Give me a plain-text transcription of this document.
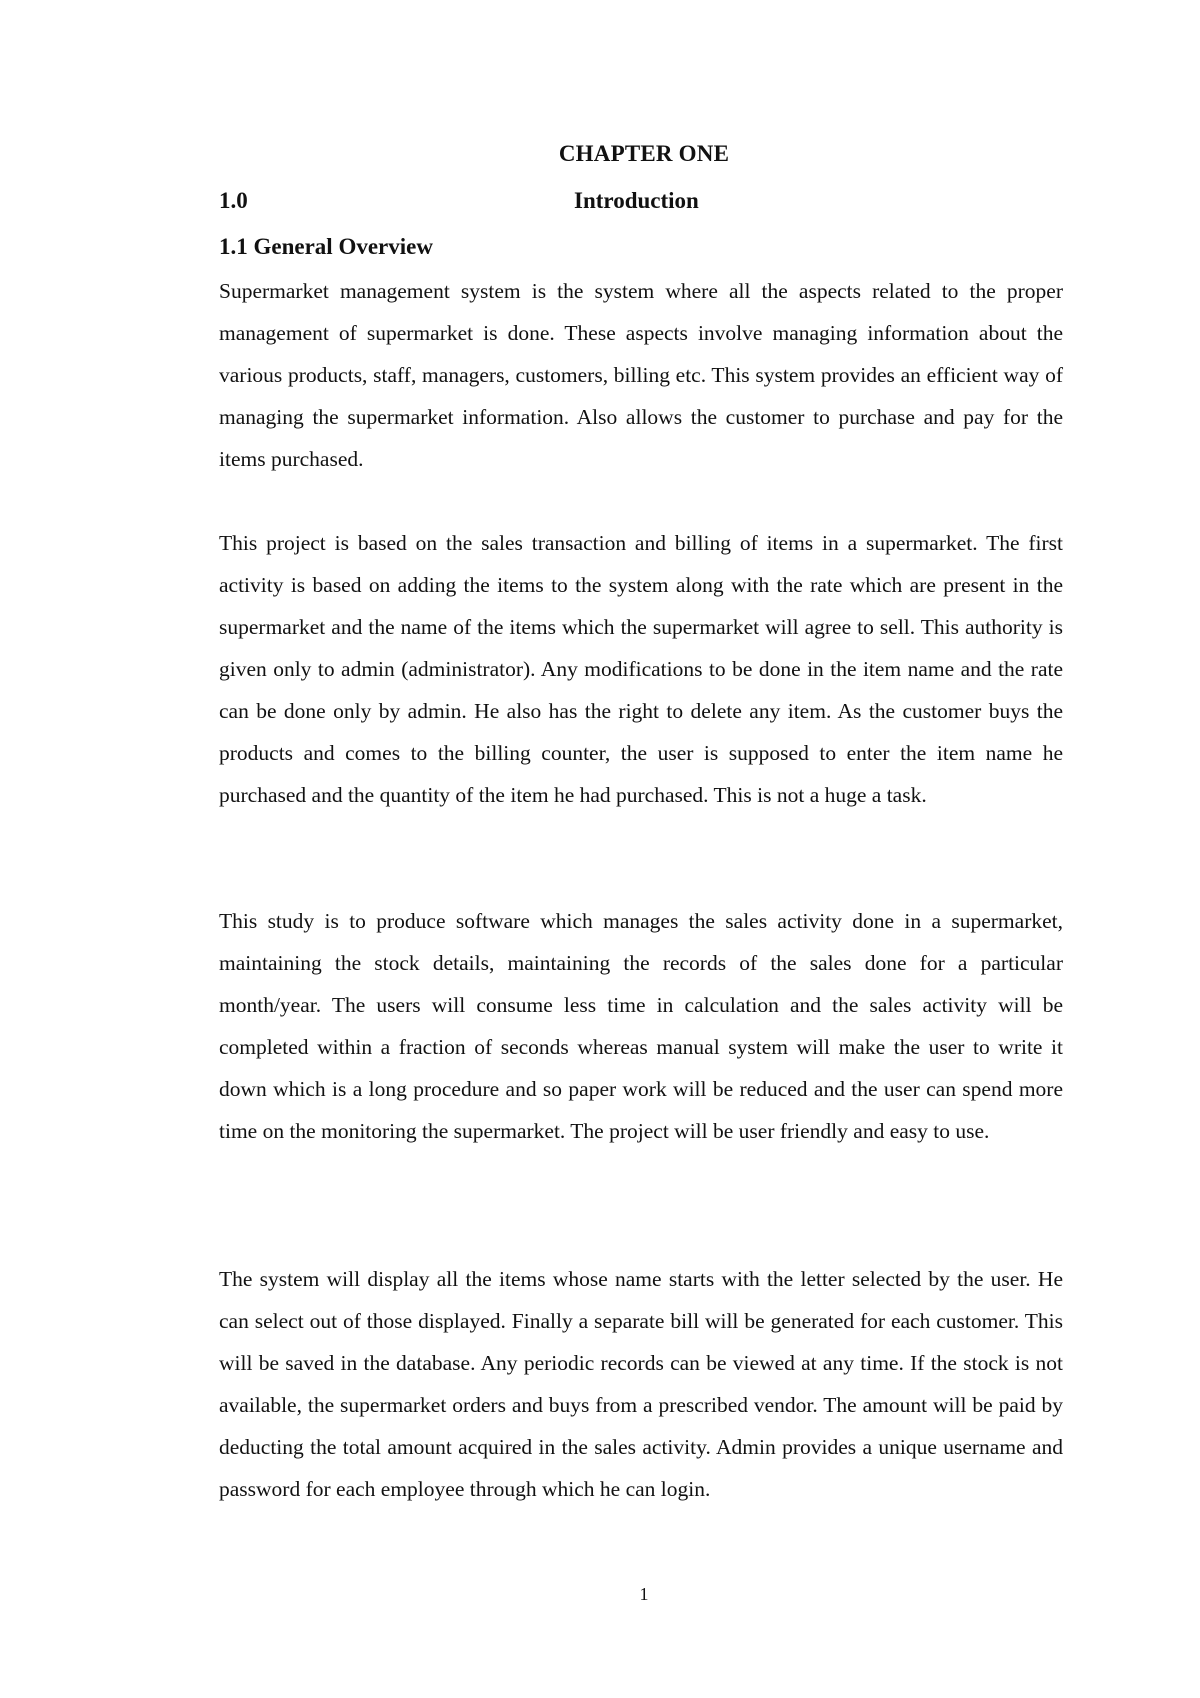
CHAPTER ONE
1.0	Introduction
1.1 General Overview

Supermarket management system is the system where all the aspects related to the proper management of supermarket is done. These aspects involve managing information about the various products, staff, managers, customers, billing etc. This system provides an efficient way of managing the supermarket information. Also allows the customer to purchase and pay for the items purchased.

This project is based on the sales transaction and billing of items in a supermarket. The first activity is based on adding the items to the system along with the rate which are present in the supermarket and the name of the items which the supermarket will agree to sell. This authority is given only to admin (administrator). Any modifications to be done in the item name and the rate can be done only by admin. He also has the right to delete any item. As the customer buys the products and comes to the billing counter, the user is supposed to enter the item name he purchased and the quantity of the item he had purchased. This is not a huge a task.

This study is to produce software which manages the sales activity done in a supermarket, maintaining the stock details, maintaining the records of the sales done for a particular month/year. The users will consume less time in calculation and the sales activity will be completed within a fraction of seconds whereas manual system will make the user to write it down which is a long procedure and so paper work will be reduced and the user can spend more time on the monitoring the supermarket. The project will be user friendly and easy to use.

The system will display all the items whose name starts with the letter selected by the user. He can select out of those displayed. Finally a separate bill will be generated for each customer. This will be saved in the database. Any periodic records can be viewed at any time. If the stock is not available, the supermarket orders and buys from a prescribed vendor. The amount will be paid by deducting the total amount acquired in the sales activity. Admin provides a unique username and password for each employee through which he can login.

1
